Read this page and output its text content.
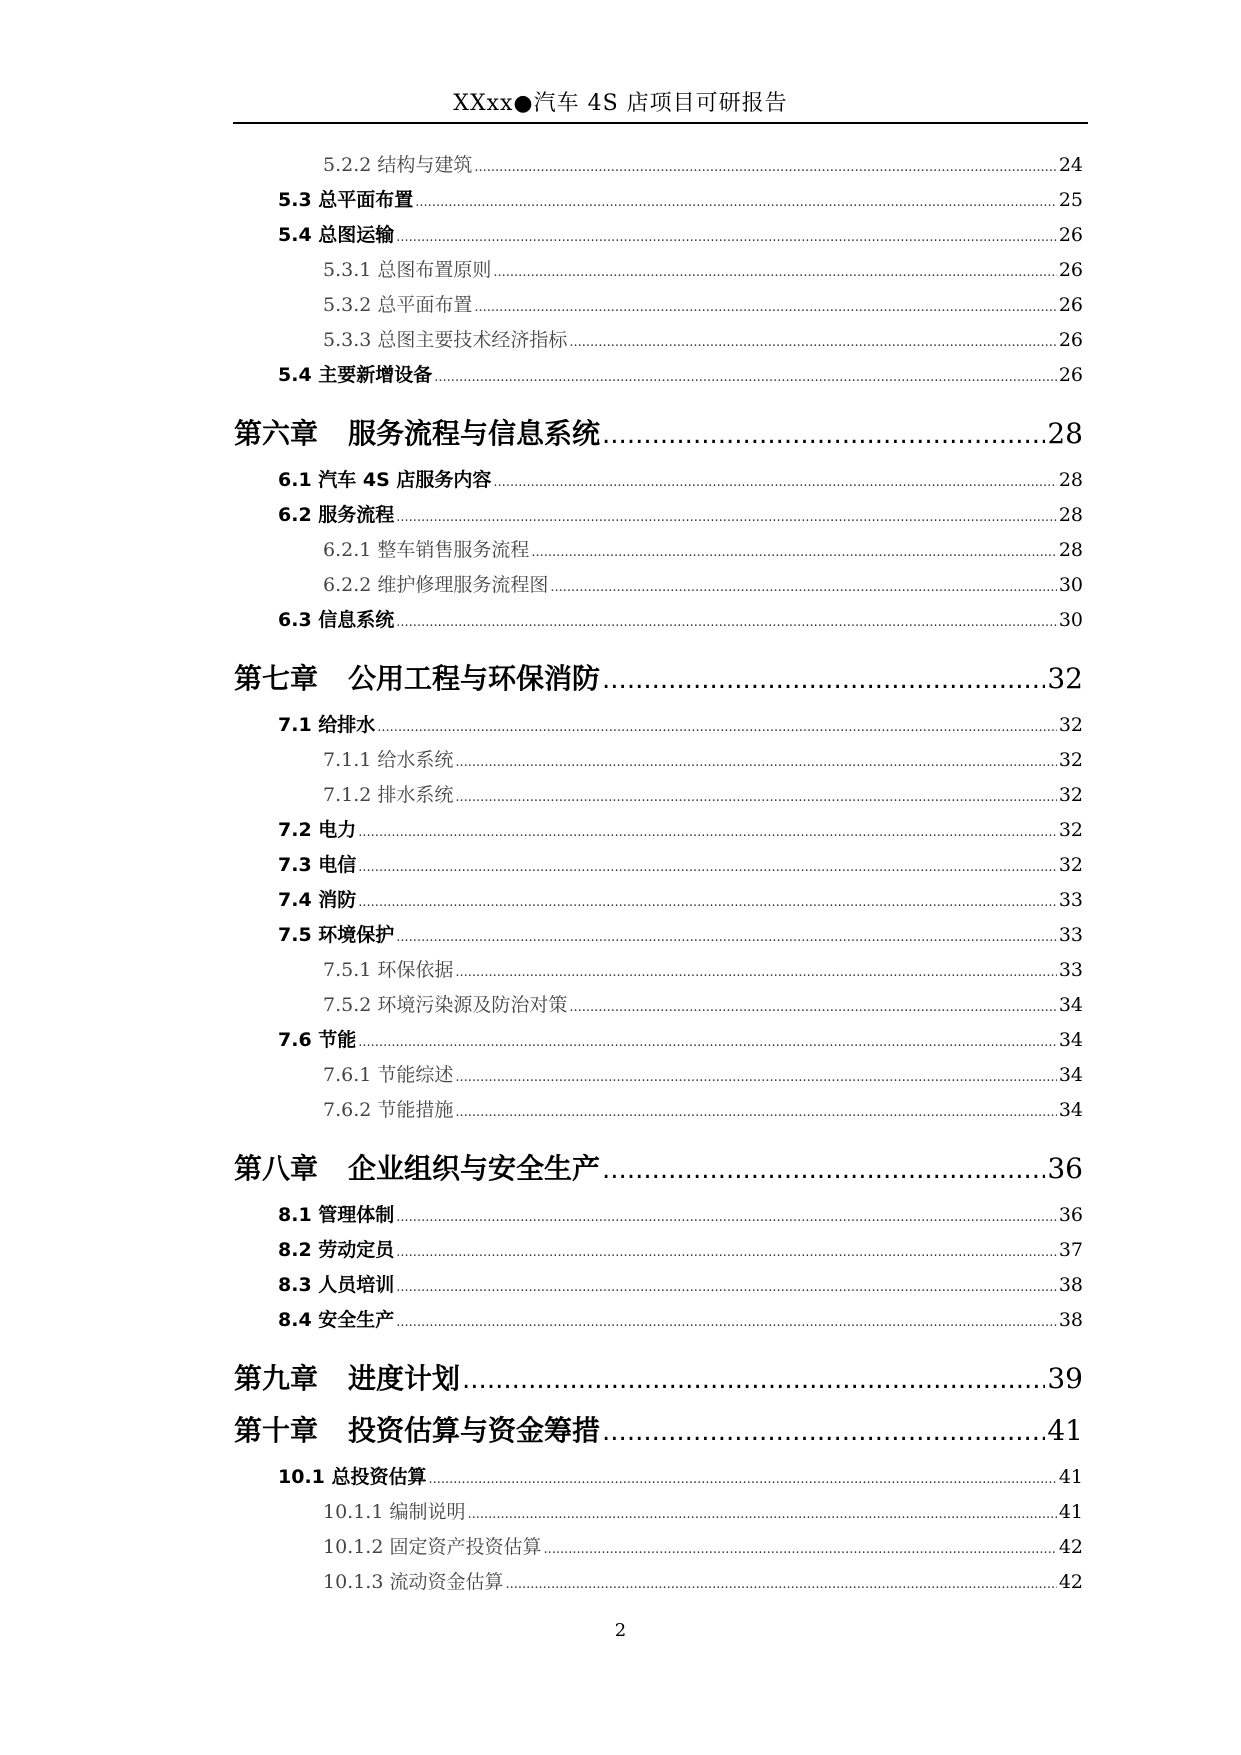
XXxx●汽车 4S 店项目可研报告
5.2.2 结构与建筑 .....	24
5.3 总平面布置 .....	25
5.4 总图运输 .....	26
5.3.1 总图布置原则 .....	26
5.3.2 总平面布置 .....	26
5.3.3 总图主要技术经济指标 .....	26
5.4 主要新增设备 .....	26
第六章 服务流程与信息系统 .....	28
6.1 汽车 4S 店服务内容 .....	28
6.2 服务流程 .....	28
6.2.1 整车销售服务流程 .....	28
6.2.2 维护修理服务流程图 .....	30
6.3 信息系统 .....	30
第七章 公用工程与环保消防 .....	32
7.1 给排水 .....	32
7.1.1 给水系统 .....	32
7.1.2 排水系统 .....	32
7.2 电力 .....	32
7.3 电信 .....	32
7.4 消防 .....	33
7.5 环境保护 .....	33
7.5.1 环保依据 .....	33
7.5.2 环境污染源及防治对策 .....	34
7.6 节能 .....	34
7.6.1 节能综述 .....	34
7.6.2 节能措施 .....	34
第八章 企业组织与安全生产 .....	36
8.1 管理体制 .....	36
8.2 劳动定员 .....	37
8.3 人员培训 .....	38
8.4 安全生产 .....	38
第九章 进度计划 .....	39
第十章 投资估算与资金筹措 .....	41
10.1 总投资估算 .....	41
10.1.1 编制说明 .....	41
10.1.2 固定资产投资估算 .....	42
10.1.3 流动资金估算 .....	42
2
